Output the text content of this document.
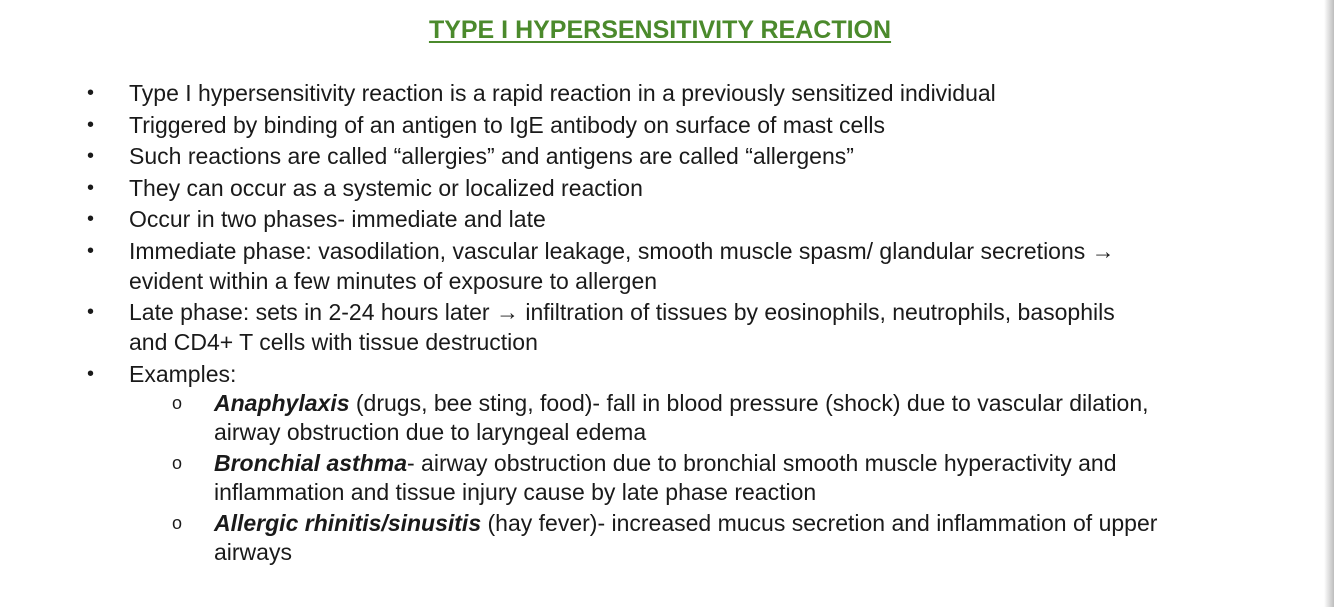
TYPE I HYPERSENSITIVITY REACTION
•	Type I hypersensitivity reaction is a rapid reaction in a previously sensitized individual
•	Triggered by binding of an antigen to IgE antibody on surface of mast cells
•	Such reactions are called “allergies” and antigens are called “allergens”
•	They can occur as a systemic or localized reaction
•	Occur in two phases- immediate and late
•	Immediate phase: vasodilation, vascular leakage, smooth muscle spasm/ glandular secretions →
evident within a few minutes of exposure to allergen
•	Late phase: sets in 2-24 hours later → infiltration of tissues by eosinophils, neutrophils, basophils
and CD4+ T cells with tissue destruction
•	Examples:
o Anaphylaxis (drugs, bee sting, food)- fall in blood pressure (shock) due to vascular dilation,
airway obstruction due to laryngeal edema
o Bronchial asthma- airway obstruction due to bronchial smooth muscle hyperactivity and
inflammation and tissue injury cause by late phase reaction
o Allergic rhinitis/sinusitis (hay fever)- increased mucus secretion and inflammation of upper
airways
